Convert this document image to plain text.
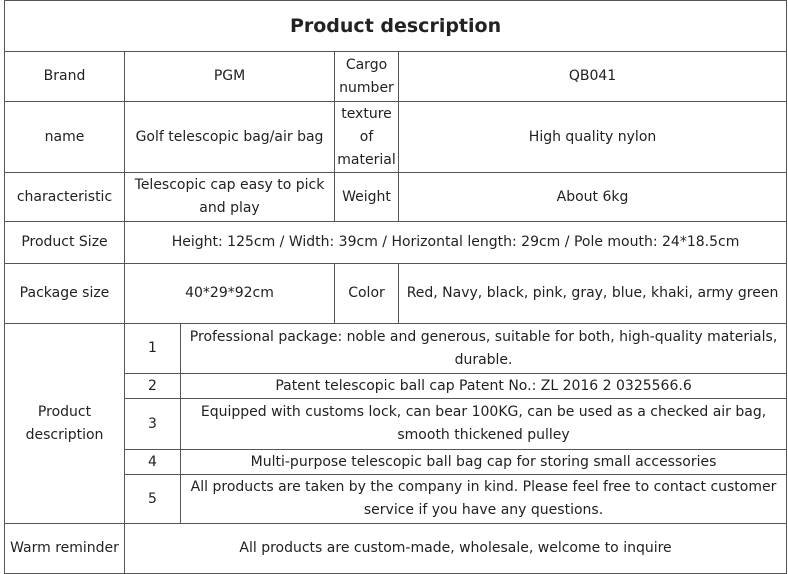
Product description				
Brand	PGM		Cargo number	QB041
name	Golf telescopic bag/air bag		texture of material	High quality nylon
characteristic	Telescopic cap easy to pick and play		Weight	About 6kg
Product Size	Height: 125cm / Width: 39cm / Horizontal length: 29cm / Pole mouth: 24*18.5cm			
Package size	40*29*92cm		Color	Red, Navy, black, pink, gray, blue, khaki, army green
Product description	1	Professional package: noble and generous, suitable for both, high-quality materials, durable.		
	2	Patent telescopic ball cap Patent No.: ZL 2016 2 0325566.6		
	3	Equipped with customs lock, can bear 100KG, can be used as a checked air bag, smooth thickened pulley		
	4	Multi-purpose telescopic ball bag cap for storing small accessories		
	5	All products are taken by the company in kind. Please feel free to contact customer service if you have any questions.		
Warm reminder	All products are custom-made, wholesale, welcome to inquire			
